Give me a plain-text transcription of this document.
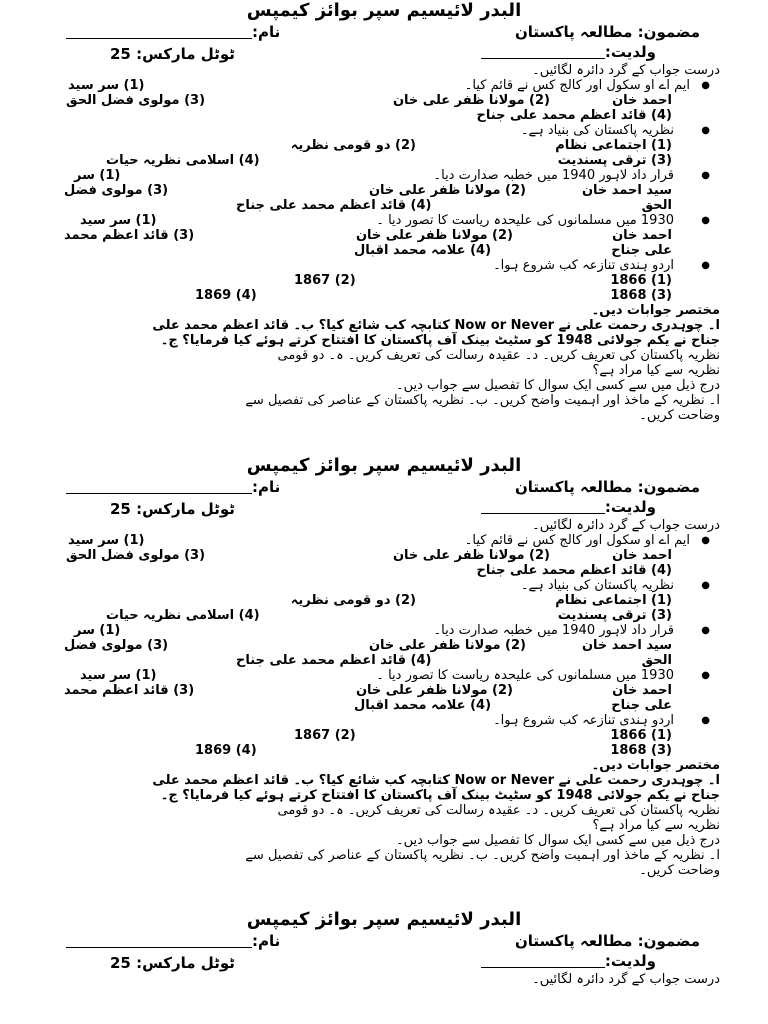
البدر لائیسیم سپر بوائز کیمپس
مضمون: مطالعہ پاکستان
نام:
ولدیت:
ٹوٹل مارکس: 25
درست جواب کے گرد دائرہ لگائیں۔
●
ایم اے او سکول اور کالج کس نے قائم کیا۔
(1) سر سید
احمد خان
(2) مولانا ظفر علی خان
(3) مولوی فضل الحق
(4) قائد اعظم محمد علی جناح
●
نظریہ پاکستان کی بنیاد ہے۔
(1) اجتماعی نظام
(2) دو قومی نظریہ
(3) ترقی پسندیت
(4) اسلامی نظریہ حیات
●
قرار داد لاہور 1940 میں خطبہ صدارت دیا۔
(1) سر
سید احمد خان
(2) مولانا ظفر علی خان
(3) مولوی فضل
الحق
(4) قائد اعظم محمد علی جناح
●
1930 میں مسلمانوں کی علیحدہ ریاست کا تصور دیا ۔
(1) سر سید
احمد خان
(2) مولانا ظفر علی خان
(3) قائد اعظم محمد
علی جناح
(4) علامہ محمد اقبال
●
اردو ہندی تنازعہ کب شروع ہوا۔
(1) 1866
(2) 1867
(3) 1868
(4) 1869
مختصر جوابات دیں۔
ا۔ چوہدری رحمت علی نے Now or Never کتابچہ کب شائع کیا؟ ب۔ قائد اعظم محمد علی
جناح نے یکم جولائی 1948 کو سٹیٹ بینک آف پاکستان کا افتتاح کرتے ہوئے کیا فرمایا؟ ج۔
نظریہ پاکستان کی تعریف کریں۔ د۔ عقیدہ رسالت کی تعریف کریں۔ ہ۔ دو قومی
نظریہ سے کیا مراد ہے؟
درج ذیل میں سے کسی ایک سوال کا تفصیل سے جواب دیں۔
ا۔ نظریہ کے ماخذ اور اہمیت واضح کریں۔ ب۔ نظریہ پاکستان کے عناصر کی تفصیل سے
وضاحت کریں۔
البدر لائیسیم سپر بوائز کیمپس
مضمون: مطالعہ پاکستان
نام:
ولدیت:
ٹوٹل مارکس: 25
درست جواب کے گرد دائرہ لگائیں۔
●
ایم اے او سکول اور کالج کس نے قائم کیا۔
(1) سر سید
احمد خان
(2) مولانا ظفر علی خان
(3) مولوی فضل الحق
(4) قائد اعظم محمد علی جناح
●
نظریہ پاکستان کی بنیاد ہے۔
(1) اجتماعی نظام
(2) دو قومی نظریہ
(3) ترقی پسندیت
(4) اسلامی نظریہ حیات
●
قرار داد لاہور 1940 میں خطبہ صدارت دیا۔
(1) سر
سید احمد خان
(2) مولانا ظفر علی خان
(3) مولوی فضل
الحق
(4) قائد اعظم محمد علی جناح
●
1930 میں مسلمانوں کی علیحدہ ریاست کا تصور دیا ۔
(1) سر سید
احمد خان
(2) مولانا ظفر علی خان
(3) قائد اعظم محمد
علی جناح
(4) علامہ محمد اقبال
●
اردو ہندی تنازعہ کب شروع ہوا۔
(1) 1866
(2) 1867
(3) 1868
(4) 1869
مختصر جوابات دیں۔
ا۔ چوہدری رحمت علی نے Now or Never کتابچہ کب شائع کیا؟ ب۔ قائد اعظم محمد علی
جناح نے یکم جولائی 1948 کو سٹیٹ بینک آف پاکستان کا افتتاح کرتے ہوئے کیا فرمایا؟ ج۔
نظریہ پاکستان کی تعریف کریں۔ د۔ عقیدہ رسالت کی تعریف کریں۔ ہ۔ دو قومی
نظریہ سے کیا مراد ہے؟
درج ذیل میں سے کسی ایک سوال کا تفصیل سے جواب دیں۔
ا۔ نظریہ کے ماخذ اور اہمیت واضح کریں۔ ب۔ نظریہ پاکستان کے عناصر کی تفصیل سے
وضاحت کریں۔
البدر لائیسیم سپر بوائز کیمپس
مضمون: مطالعہ پاکستان
نام:
ولدیت:
ٹوٹل مارکس: 25
درست جواب کے گرد دائرہ لگائیں۔
